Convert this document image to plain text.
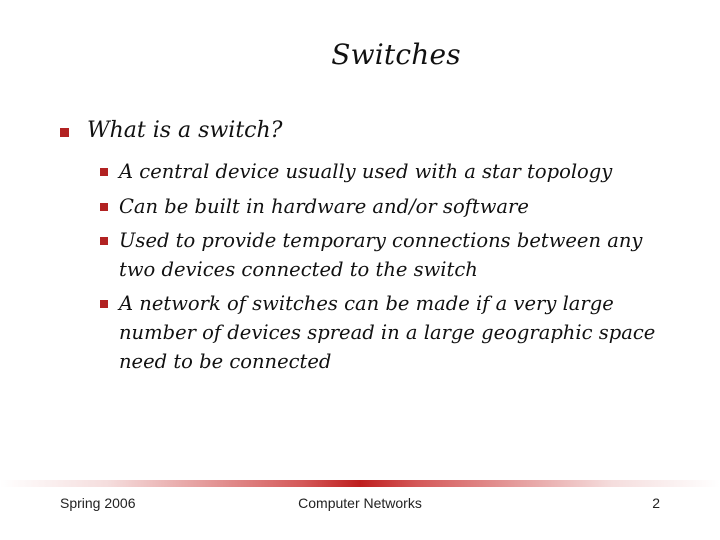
Switches
What is a switch?
A central device usually used with a star topology
Can be built in hardware and/or software
Used to provide temporary connections between any two devices connected to the switch
A network of switches can be made if a very large number of devices spread in a large geographic space need to be connected
Spring 2006	Computer Networks	2
